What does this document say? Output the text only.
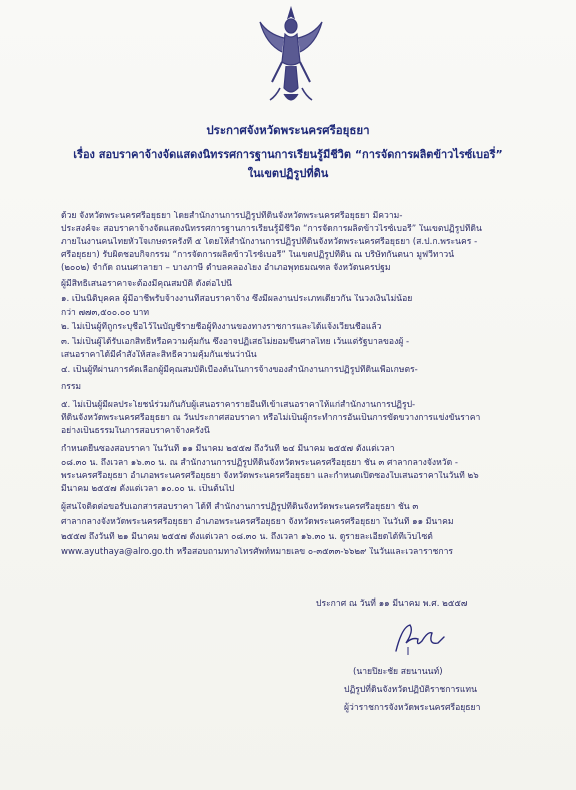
ประกาศจังหวัดพระนครศรีอยุธยา
เรื่อง สอบราคาจ้างจัดแสดงนิทรรศการฐานการเรียนรู้มีชีวิต “การจัดการผลิตข้าวไรซ์เบอรี่”
ในเขตปฏิรูปที่ดิน
ด้วย จังหวัดพระนครศรีอยุธยา โดยสำนักงานการปฏิรูปที่ดินจังหวัดพระนครศรีอยุธยา มีความ-
ประสงค์จะ สอบราคาจ้างจัดแสดงนิทรรศการฐานการเรียนรู้มีชีวิต “การจัดการผลิตข้าวไรซ์เบอรี่” ในเขตปฏิรูปที่ดิน
ภายในงานคนไทยหัวใจเกษตรครั้งที่ ๕ โดยให้สำนักงานการปฏิรูปที่ดินจังหวัดพระนครศรีอยุธยา (ส.ป.ก.พระนคร -
ศรีอยุธยา) รับผิดชอบกิจกรรม “การจัดการผลิตข้าวไรซ์เบอรี่” ในเขตปฏิรูปที่ดิน ณ บริษัทกันตนา มูฟวี่ทาวน์
(๒๐๐๒) จำกัด ถนนศาลายา – บางภาษี ตำบลคลองโยง อำเภอพุทธมณฑล จังหวัดนครปฐม
ผู้มีสิทธิเสนอราคาจะต้องมีคุณสมบัติ ดังต่อไปนี้
๑. เป็นนิติบุคคล ผู้มีอาชีพรับจ้างงานที่สอบราคาจ้าง ซึ่งมีผลงานประเภทเดียวกัน ในวงเงินไม่น้อย
กว่า ๗๗๓,๕๐๐.๐๐ บาท
๒. ไม่เป็นผู้ที่ถูกระบุชื่อไว้ในบัญชีรายชื่อผู้ทิ้งงานของทางราชการและได้แจ้งเวียนชื่อแล้ว
๓. ไม่เป็นผู้ได้รับเอกสิทธิ์หรือความคุ้มกัน ซึ่งอาจปฏิเสธไม่ยอมขึ้นศาลไทย เว้นแต่รัฐบาลของผู้ -
เสนอราคาได้มีคำสั่งให้สละสิทธิ์ความคุ้มกันเช่นว่านั้น
๔. เป็นผู้ที่ผ่านการคัดเลือกผู้มีคุณสมบัติเบื้องต้นในการจ้างของสำนักงานการปฏิรูปที่ดินเพื่อเกษตร-
กรรม
๕. ไม่เป็นผู้มีผลประโยชน์ร่วมกันกับผู้เสนอราคารายอื่นที่เข้าเสนอราคาให้แก่สำนักงานการปฏิรูป-
ที่ดินจังหวัดพระนครศรีอยุธยา ณ วันประกาศสอบราคา หรือไม่เป็นผู้กระทำการอันเป็นการขัดขวางการแข่งขันราคา
อย่างเป็นธรรมในการสอบราคาจ้างครั้งนี้
กำหนดยื่นซองสอบราคา ในวันที่ ๑๑ มีนาคม ๒๕๕๗ ถึงวันที่ ๒๔ มีนาคม ๒๕๕๗ ตั้งแต่เวลา
๐๘.๓๐ น. ถึงเวลา ๑๖.๓๐ น. ณ สำนักงานการปฏิรูปที่ดินจังหวัดพระนครศรีอยุธยา ชั้น ๓ ศาลากลางจังหวัด -
พระนครศรีอยุธยา อำเภอพระนครศรีอยุธยา จังหวัดพระนครศรีอยุธยา และกำหนดเปิดซองใบเสนอราคาในวันที่ ๒๖
มีนาคม ๒๕๕๗ ตั้งแต่เวลา ๑๐.๐๐ น. เป็นต้นไป
ผู้สนใจติดต่อขอรับเอกสารสอบราคา ได้ที่ สำนักงานการปฏิรูปที่ดินจังหวัดพระนครศรีอยุธยา ชั้น ๓
ศาลากลางจังหวัดพระนครศรีอยุธยา อำเภอพระนครศรีอยุธยา จังหวัดพระนครศรีอยุธยา ในวันที่ ๑๑ มีนาคม
๒๕๕๗ ถึงวันที่ ๒๑ มีนาคม ๒๕๕๗ ตั้งแต่เวลา ๐๘.๓๐ น. ถึงเวลา ๑๖.๓๐ น. ดูรายละเอียดได้ที่เว็บไซต์
www.ayuthaya@alro.go.th หรือสอบถามทางโทรศัพท์หมายเลข ๐-๓๕๓๓-๖๖๒๙ ในวันและเวลาราชการ
ประกาศ ณ วันที่ ๑๑ มีนาคม พ.ศ. ๒๕๕๗
(นายปิยะชัย สยนานนท์)
ปฏิรูปที่ดินจังหวัดปฏิบัติราชการแทน
ผู้ว่าราชการจังหวัดพระนครศรีอยุธยา
